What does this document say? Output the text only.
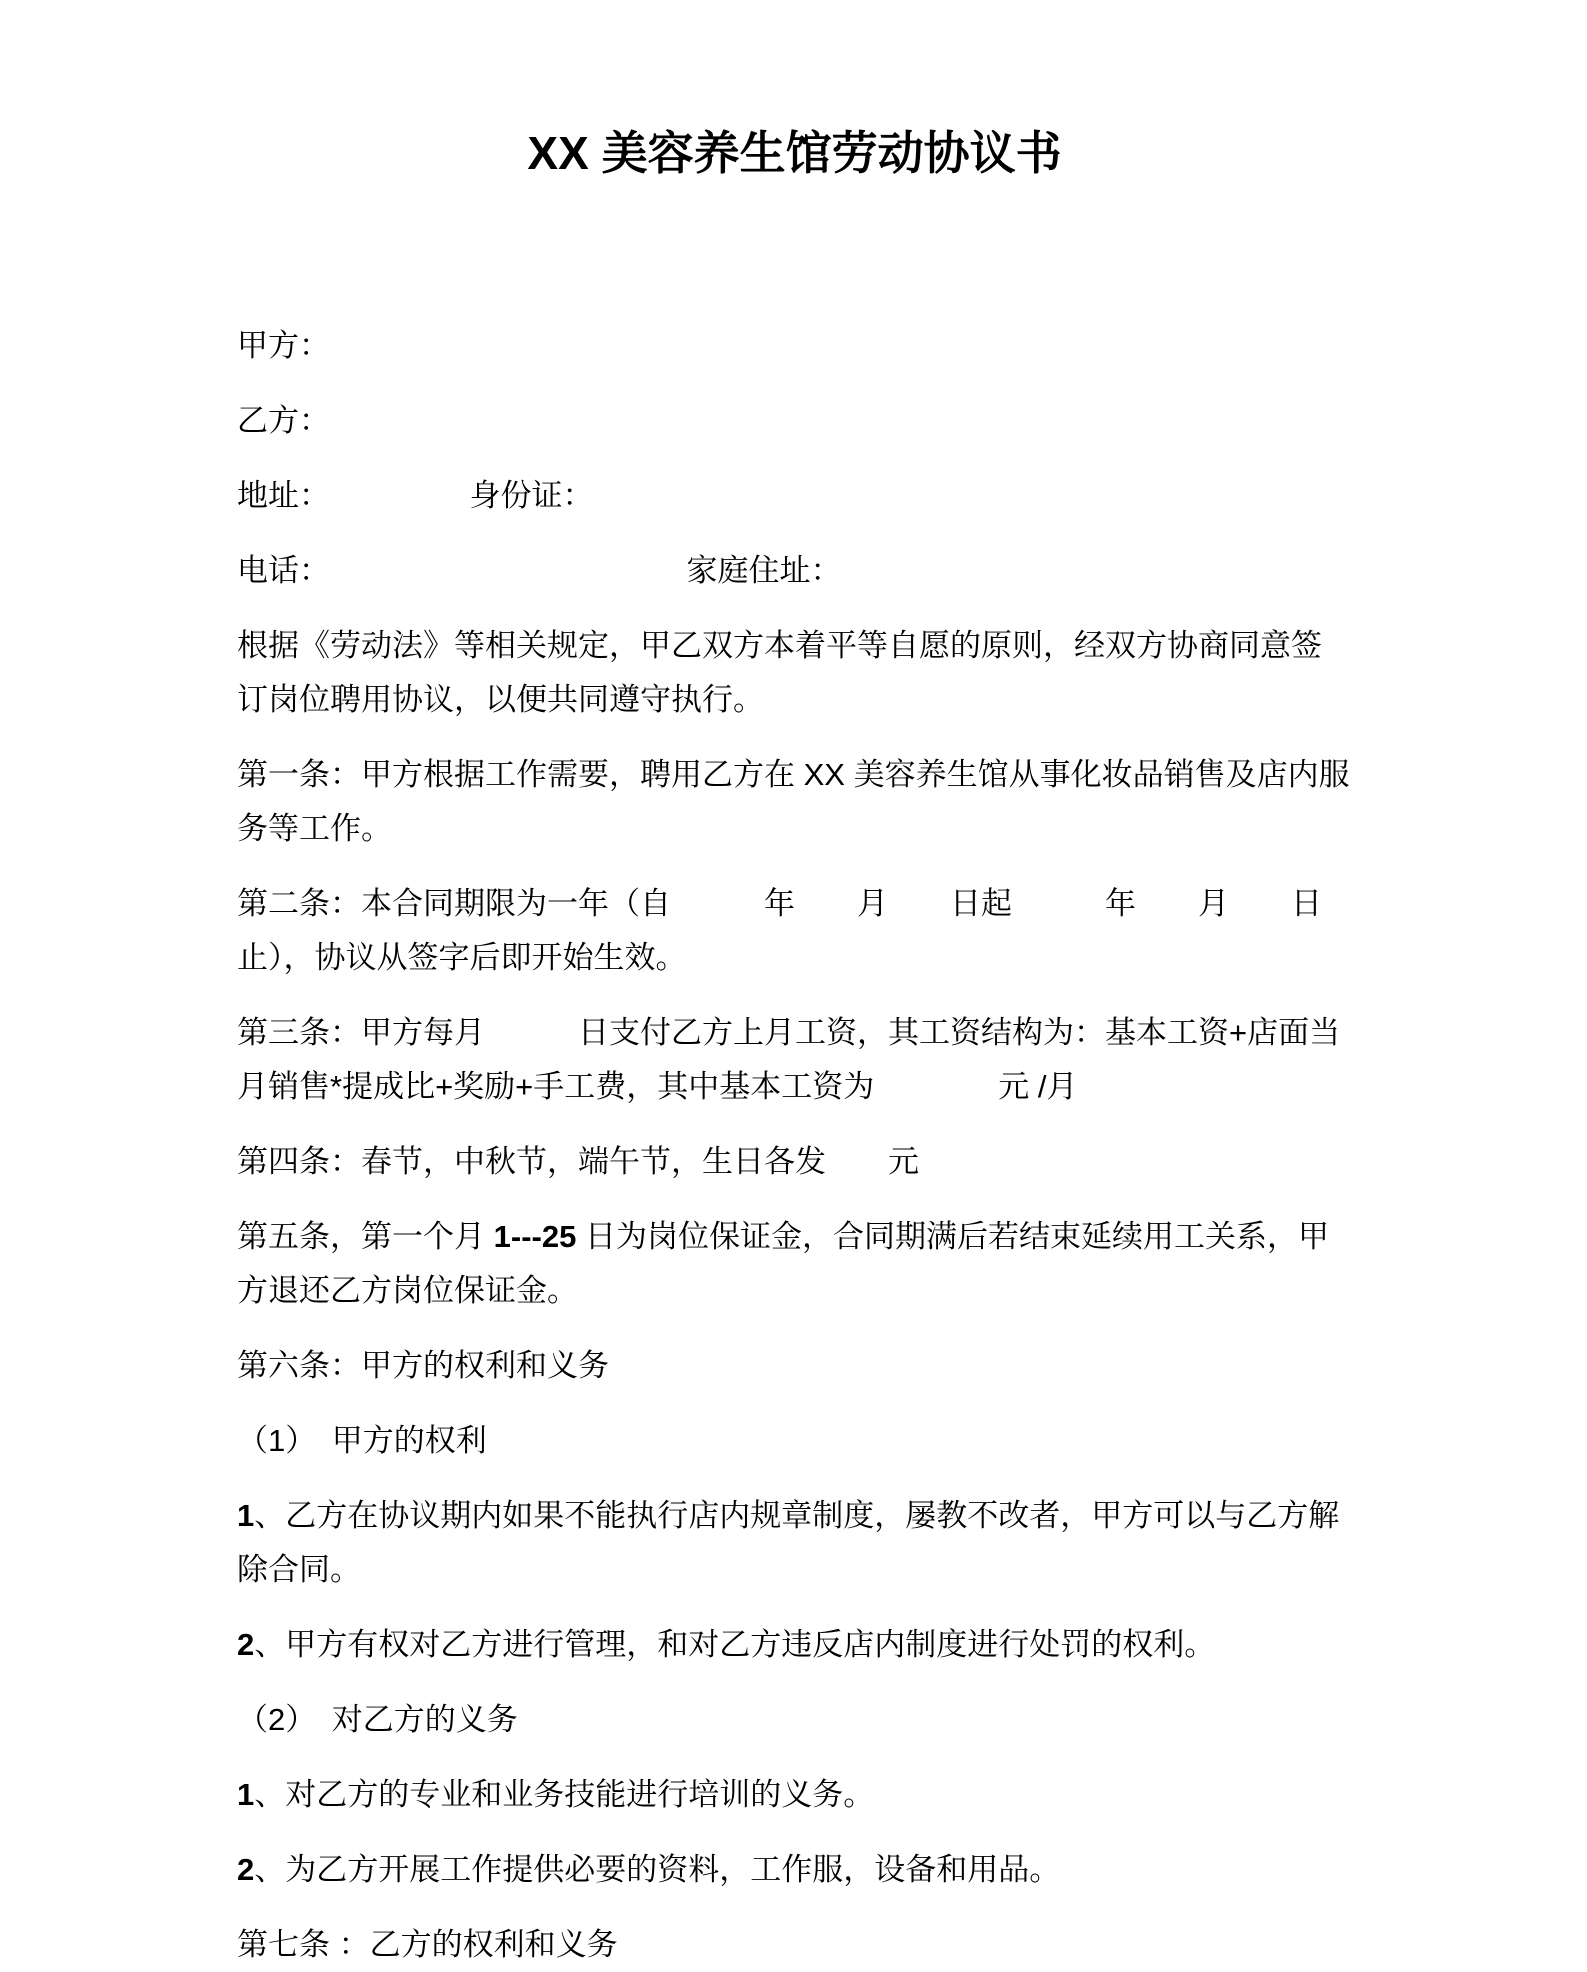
XX 美容养生馆劳动协议书

甲方：

乙方：

地址：　　　　　身份证：

电话：　　　　　　　　　　　　家庭住址：

根据《劳动法》等相关规定，甲乙双方本着平等自愿的原则，经双方协商同意签订岗位聘用协议，以便共同遵守执行。

第一条：甲方根据工作需要，聘用乙方在 XX 美容养生馆从事化妆品销售及店内服务等工作。

第二条：本合同期限为一年（自　　　年　　月　　日起　　　年　　月　　日止），协议从签字后即开始生效。

第三条：甲方每月　　　日支付乙方上月工资，其工资结构为：基本工资+店面当月销售*提成比+奖励+手工费，其中基本工资为　　　　元 /月

第四条：春节，中秋节，端午节，生日各发　　元

第五条，第一个月 1---25 日为岗位保证金，合同期满后若结束延续用工关系，甲方退还乙方岗位保证金。

第六条：甲方的权利和义务

（1）　甲方的权利

1、乙方在协议期内如果不能执行店内规章制度，屡教不改者，甲方可以与乙方解除合同。

2、甲方有权对乙方进行管理，和对乙方违反店内制度进行处罚的权利。

（2）　对乙方的义务

1、对乙方的专业和业务技能进行培训的义务。

2、为乙方开展工作提供必要的资料，工作服，设备和用品。

第七条 ：乙方的权利和义务
